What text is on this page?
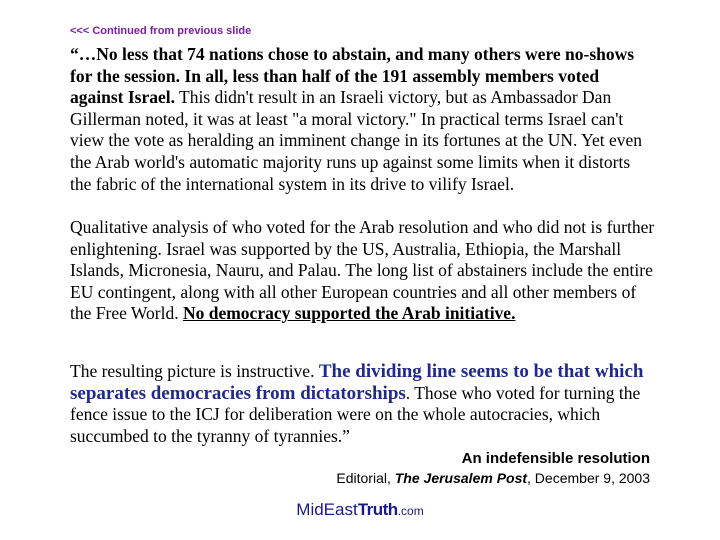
<<< Continued from previous slide

“…No less that 74 nations chose to abstain, and many others were no-shows for the session. In all, less than half of the 191 assembly members voted against Israel. This didn't result in an Israeli victory, but as Ambassador Dan Gillerman noted, it was at least "a moral victory." In practical terms Israel can't view the vote as heralding an imminent change in its fortunes at the UN. Yet even the Arab world's automatic majority runs up against some limits when it distorts the fabric of the international system in its drive to vilify Israel.

Qualitative analysis of who voted for the Arab resolution and who did not is further enlightening. Israel was supported by the US, Australia, Ethiopia, the Marshall Islands, Micronesia, Nauru, and Palau. The long list of abstainers include the entire EU contingent, along with all other European countries and all other members of the Free World. No democracy supported the Arab initiative.

The resulting picture is instructive. The dividing line seems to be that which separates democracies from dictatorships. Those who voted for turning the fence issue to the ICJ for deliberation were on the whole autocracies, which succumbed to the tyranny of tyrannies.”

An indefensible resolution

Editorial, The Jerusalem Post, December 9, 2003

MidEastTruth.com
